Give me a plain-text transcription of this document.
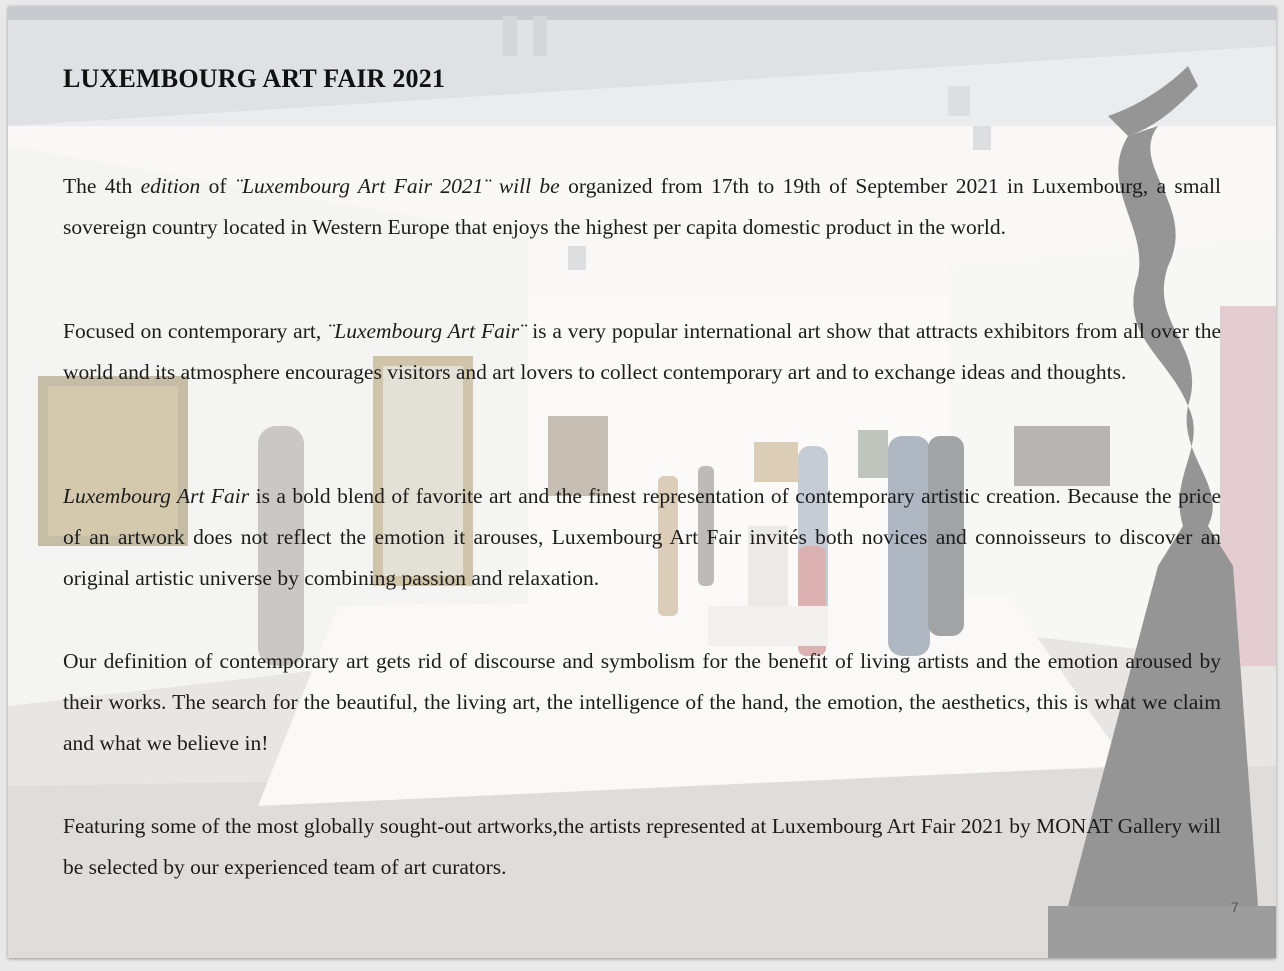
LUXEMBOURG ART FAIR 2021

The 4th edition of ¨Luxembourg Art Fair 2021¨ will be organized from 17th to 19th of September 2021 in Luxembourg, a small sovereign country located in Western Europe that enjoys the highest per capita domestic product in the world.

Focused on contemporary art, ¨Luxembourg Art Fair¨ is a very popular international art show that attracts exhibitors from all over the world and its atmosphere encourages visitors and art lovers to collect contemporary art and to exchange ideas and thoughts.

Luxembourg Art Fair is a bold blend of favorite art and the finest representation of contemporary artistic creation. Because the price of an artwork does not reflect the emotion it arouses, Luxembourg Art Fair invités both novices and connoisseurs to discover an original artistic universe by combining passion and relaxation.

Our definition of contemporary art gets rid of discourse and symbolism for the benefit of living artists and the emotion aroused by their works. The search for the beautiful, the living art, the intelligence of the hand, the emotion, the aesthetics, this is what we claim and what we believe in!

Featuring some of the most globally sought-out artworks,the artists represented at Luxembourg Art Fair 2021 by MONAT Gallery will be selected by our experienced team of art curators.

7
